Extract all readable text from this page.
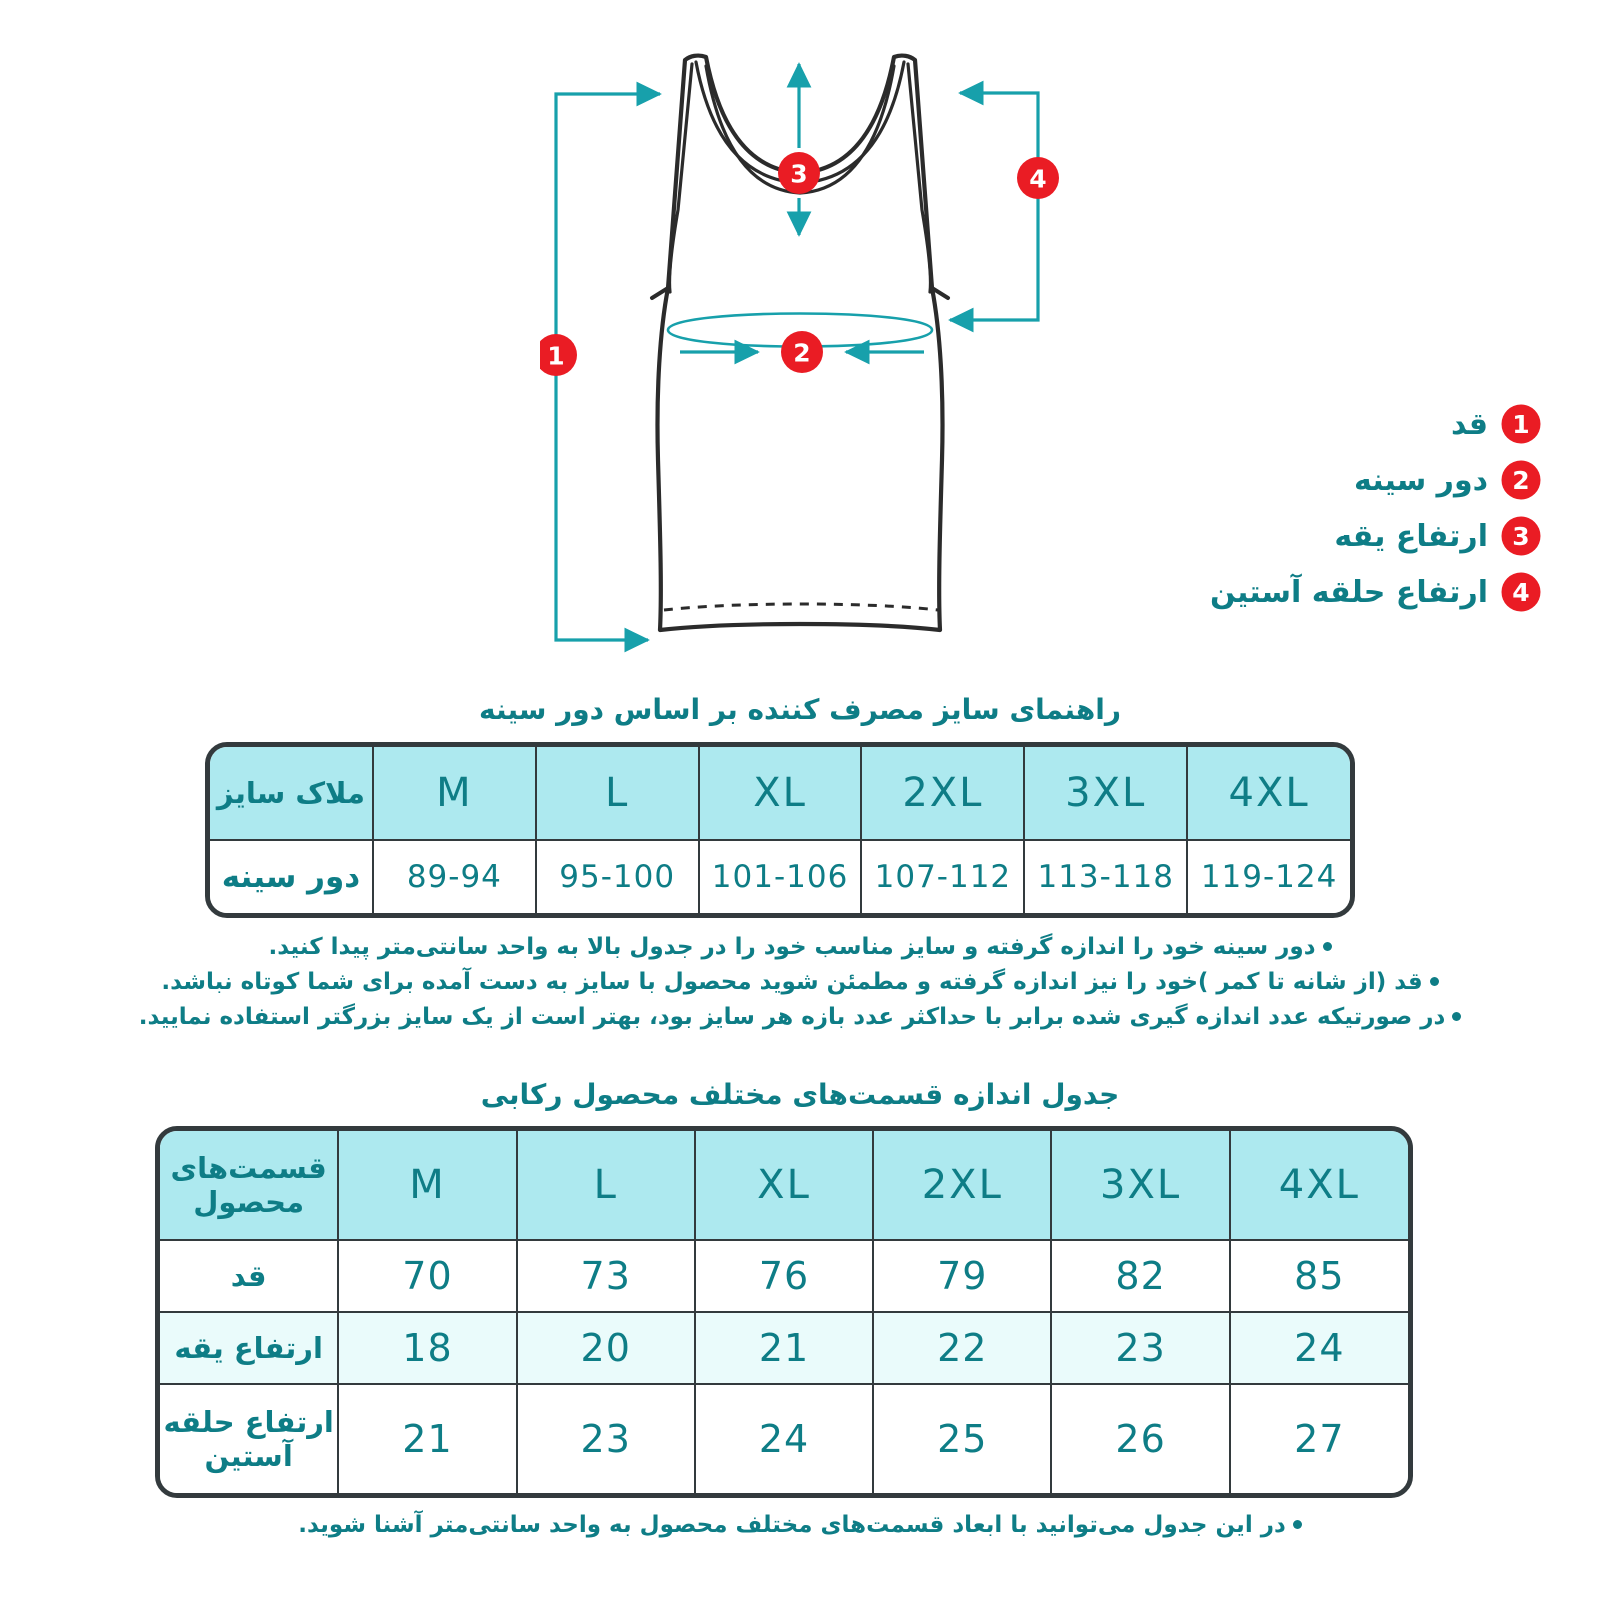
1	2
3	4
1
قد
2
دور سینه
3
ارتفاع یقه
4
ارتفاع حلقه آستین
راهنمای سایز مصرف کننده بر اساس دور سینه
4XL	3XL	2XL	XL	L	M	ملاک سایز
119-124	113-118	107-112	101-106	95-100	89-94	دور سینه
دور سینه خود را اندازه گرفته و سایز مناسب خود را در جدول بالا به واحد سانتی‌متر پیدا کنید.
قد (از شانه تا کمر )خود را نیز اندازه گرفته و مطمئن شوید محصول با سایز به دست آمده برای شما کوتاه نباشد.
در صورتیکه عدد اندازه گیری شده برابر با حداکثر عدد بازه هر سایز بود، بهتر است از یک سایز بزرگتر استفاده نمایید.
جدول اندازه قسمت‌های مختلف محصول رکابی
4XL	3XL	2XL	XL	L	M	قسمت‌های محصول
85	82	79	76	73	70	قد
24	23	22	21	20	18	ارتفاع یقه
27	26	25	24	23	21	ارتفاع حلقه آستین
در این جدول می‌توانید با ابعاد قسمت‌های مختلف محصول به واحد سانتی‌متر آشنا شوید.
